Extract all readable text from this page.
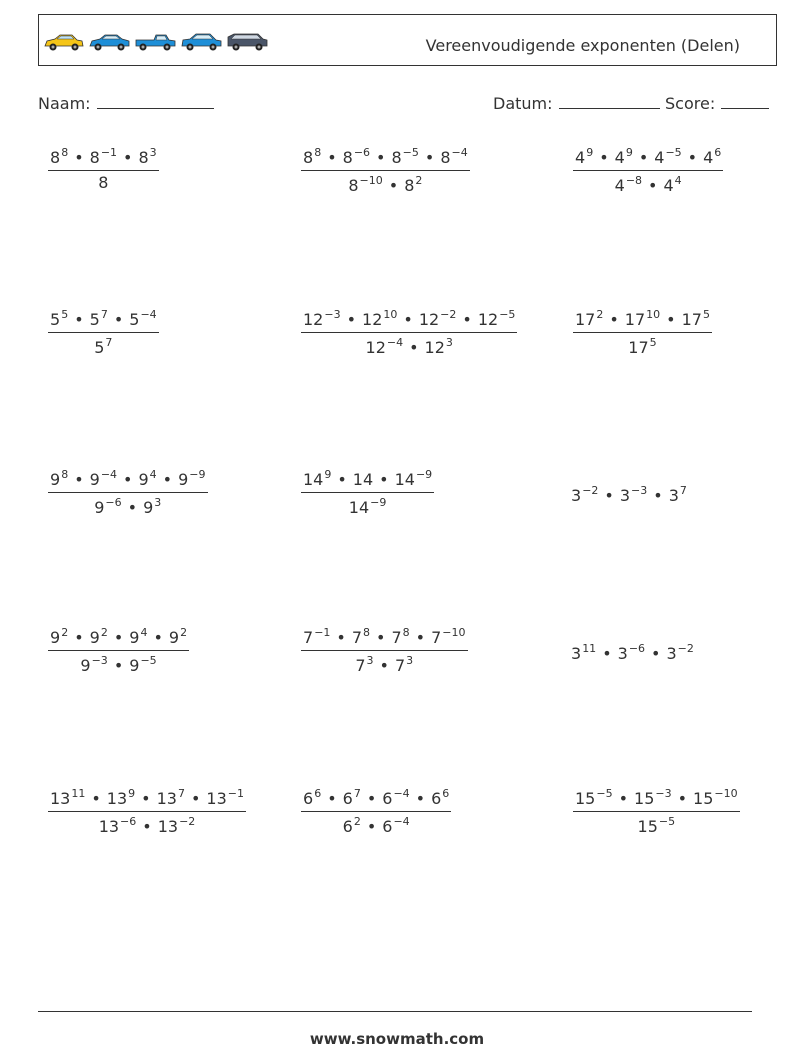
Vereenvoudigende exponenten (Delen)
Naam:	Datum:	Score:
$\frac{8^8 • 8^{-1} • 8^3}{8}$	$\frac{8^8 • 8^{-6} • 8^{-5} • 8^{-4}}{8^{-10} • 8^2}$	$\frac{4^9 • 4^9 • 4^{-5} • 4^6}{4^{-8} • 4^4}$
$\frac{5^5 • 5^7 • 5^{-4}}{5^7}$	$\frac{12^{-3} • 12^{10} • 12^{-2} • 12^{-5}}{12^{-4} • 12^3}$	$\frac{17^2 • 17^{10} • 17^5}{17^5}$
$\frac{9^8 • 9^{-4} • 9^4 • 9^{-9}}{9^{-6} • 9^3}$	$\frac{14^9 • 14 • 14^{-9}}{14^{-9}}$	$3^{-2}$ • $3^{-3}$ • $3^7$
$\frac{9^2 • 9^2 • 9^4 • 9^2}{9^{-3} • 9^{-5}}$	$\frac{7^{-1} • 7^8 • 7^8 • 7^{-10}}{7^3 • 7^3}$	$3^{11}$ • $3^{-6}$ • $3^{-2}$
$\frac{13^{11} • 13^9 • 13^7 • 13^{-1}}{13^{-6} • 13^{-2}}$	$\frac{6^6 • 6^7 • 6^{-4} • 6^6}{6^2 • 6^{-4}}$	$\frac{15^{-5} • 15^{-3} • 15^{-10}}{15^{-5}}$
www.snowmath.com
